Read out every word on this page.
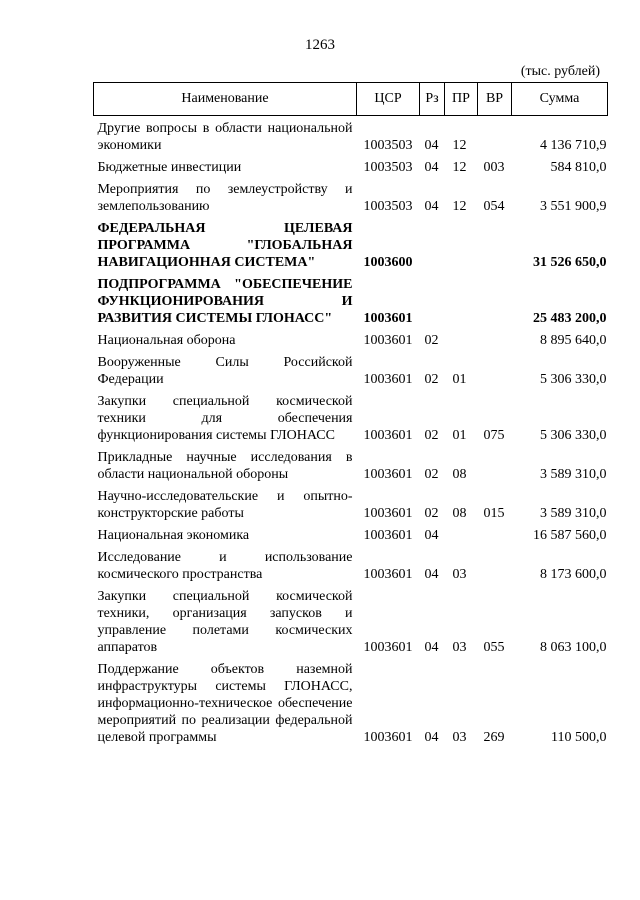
1263
(тыс. рублей)
Наименование	ЦСР	Рз	ПР	ВР	Сумма
Другие вопросы в области национальной экономики	1003503	04	12		4 136 710,9
Бюджетные инвестиции	1003503	04	12	003	584 810,0
Мероприятия по землеустройству и землепользованию	1003503	04	12	054	3 551 900,9
ФЕДЕРАЛЬНАЯ ЦЕЛЕВАЯ ПРОГРАММА "ГЛОБАЛЬНАЯ НАВИГАЦИОННАЯ СИСТЕМА"	1003600				31 526 650,0
ПОДПРОГРАММА "ОБЕСПЕЧЕНИЕ ФУНКЦИОНИРОВАНИЯ И РАЗВИТИЯ СИСТЕМЫ ГЛОНАСС"	1003601				25 483 200,0
Национальная оборона	1003601	02			8 895 640,0
Вооруженные Силы Российской Федерации	1003601	02	01		5 306 330,0
Закупки специальной космической техники для обеспечения функционирования системы ГЛОНАСС	1003601	02	01	075	5 306 330,0
Прикладные научные исследования в области национальной обороны	1003601	02	08		3 589 310,0
Научно-исследовательские и опытно-конструкторские работы	1003601	02	08	015	3 589 310,0
Национальная экономика	1003601	04			16 587 560,0
Исследование и использование космического пространства	1003601	04	03		8 173 600,0
Закупки специальной космической техники, организация запусков и управление полетами космических аппаратов	1003601	04	03	055	8 063 100,0
Поддержание объектов наземной инфраструктуры системы ГЛОНАСС, информационно-техническое обеспечение мероприятий по реализации федеральной целевой программы	1003601	04	03	269	110 500,0
